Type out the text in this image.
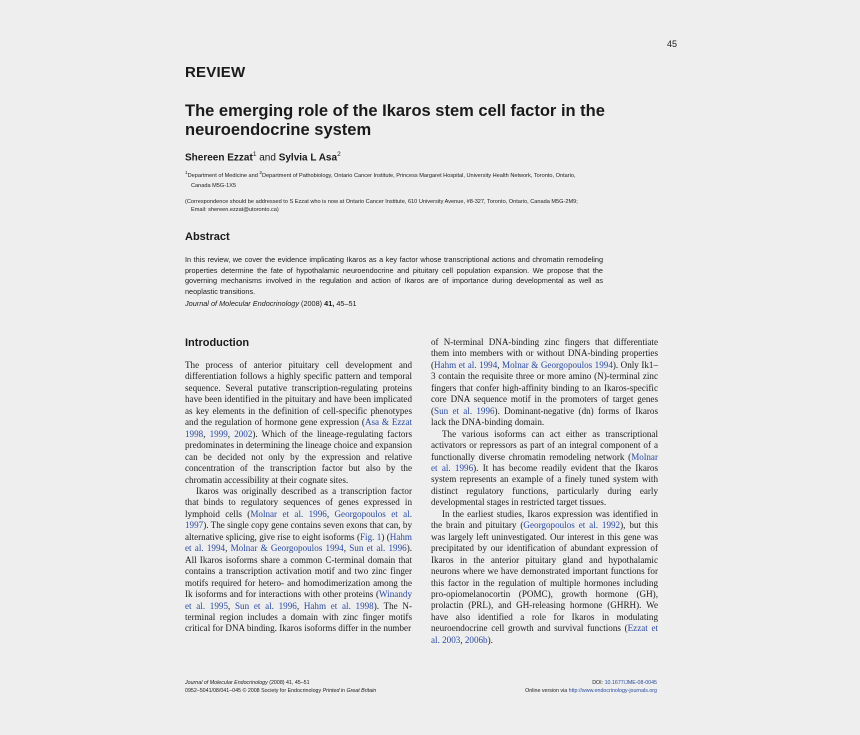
45
REVIEW
The emerging role of the Ikaros stem cell factor in the neuroendocrine system
Shereen Ezzat$^1$ and Sylvia L Asa$^2$
$^1$Department of Medicine and $^2$Department of Pathobiology, Ontario Cancer Institute, Princess Margaret Hospital, University Health Network, Toronto, Ontario,
Canada M5G-1X5
(Correspondence should be addressed to S Ezzat who is now at Ontario Cancer Institute, 610 University Avenue, #8-327, Toronto, Ontario, Canada M5G-2M9;
Email: shereen.ezzat@utoronto.ca)
Abstract
In this review, we cover the evidence implicating Ikaros as a key factor whose transcriptional actions and chromatin remodeling properties determine the fate of hypothalamic neuroendocrine and pituitary cell population expansion. We propose that the governing mechanisms involved in the regulation and action of Ikaros are of importance during developmental as well as neoplastic transitions.
Journal of Molecular Endocrinology (2008) 41, 45–51
Introduction

The process of anterior pituitary cell development and differentiation follows a highly specific pattern and temporal sequence. Several putative transcription-regulating proteins have been identified in the pituitary and have been implicated as key elements in the definition of cell-specific phenotypes and the regulation of hormone gene expression (Asa & Ezzat 1998, 1999, 2002). Which of the lineage-regulating factors predominates in determining the lineage choice and expansion can be decided not only by the expression and relative concentration of the transcription factor but also by the chromatin accessibility at their cognate sites.

Ikaros was originally described as a transcription factor that binds to regulatory sequences of genes expressed in lymphoid cells (Molnar et al. 1996, Georgopoulos et al. 1997). The single copy gene contains seven exons that can, by alternative splicing, give rise to eight isoforms (Fig. 1) (Hahm et al. 1994, Molnar & Georgopoulos 1994, Sun et al. 1996). All Ikaros isoforms share a common C-terminal domain that contains a transcription activation motif and two zinc finger motifs required for hetero- and homodimerization among the Ik isoforms and for interactions with other proteins (Winandy et al. 1995, Sun et al. 1996, Hahm et al. 1998). The N-terminal region includes a domain with zinc finger motifs critical for DNA binding. Ikaros isoforms differ in the number

of N-terminal DNA-binding zinc fingers that differentiate them into members with or without DNA-binding properties (Hahm et al. 1994, Molnar & Georgopoulos 1994). Only Ik1–3 contain the requisite three or more amino (N)-terminal zinc fingers that confer high-affinity binding to an Ikaros-specific core DNA sequence motif in the promoters of target genes (Sun et al. 1996). Dominant-negative (dn) forms of Ikaros lack the DNA-binding domain.

The various isoforms can act either as transcriptional activators or repressors as part of an integral component of a functionally diverse chromatin remodeling network (Molnar et al. 1996). It has become readily evident that the Ikaros system represents an example of a finely tuned system with distinct regulatory functions, particularly during early developmental stages in restricted target tissues.

In the earliest studies, Ikaros expression was identified in the brain and pituitary (Georgopoulos et al. 1992), but this was largely left uninvestigated. Our interest in this gene was precipitated by our identification of abundant expression of Ikaros in the anterior pituitary gland and hypothalamic neurons where we have demonstrated important functions for this factor in the regulation of multiple hormones including pro-opiomelanocortin (POMC), growth hormone (GH), prolactin (PRL), and GH-releasing hormone (GHRH). We have also identified a role for Ikaros in modulating neuroendocrine cell growth and survival functions (Ezzat et al. 2003, 2006b).

Journal of Molecular Endocrinology (2008) 41, 45–51
0952–5041/08/041–045 © 2008 Society for Endocrinology Printed in Great Britain
DOI: 10.1677/JME-08-0045
Online version via http://www.endocrinology-journals.org
